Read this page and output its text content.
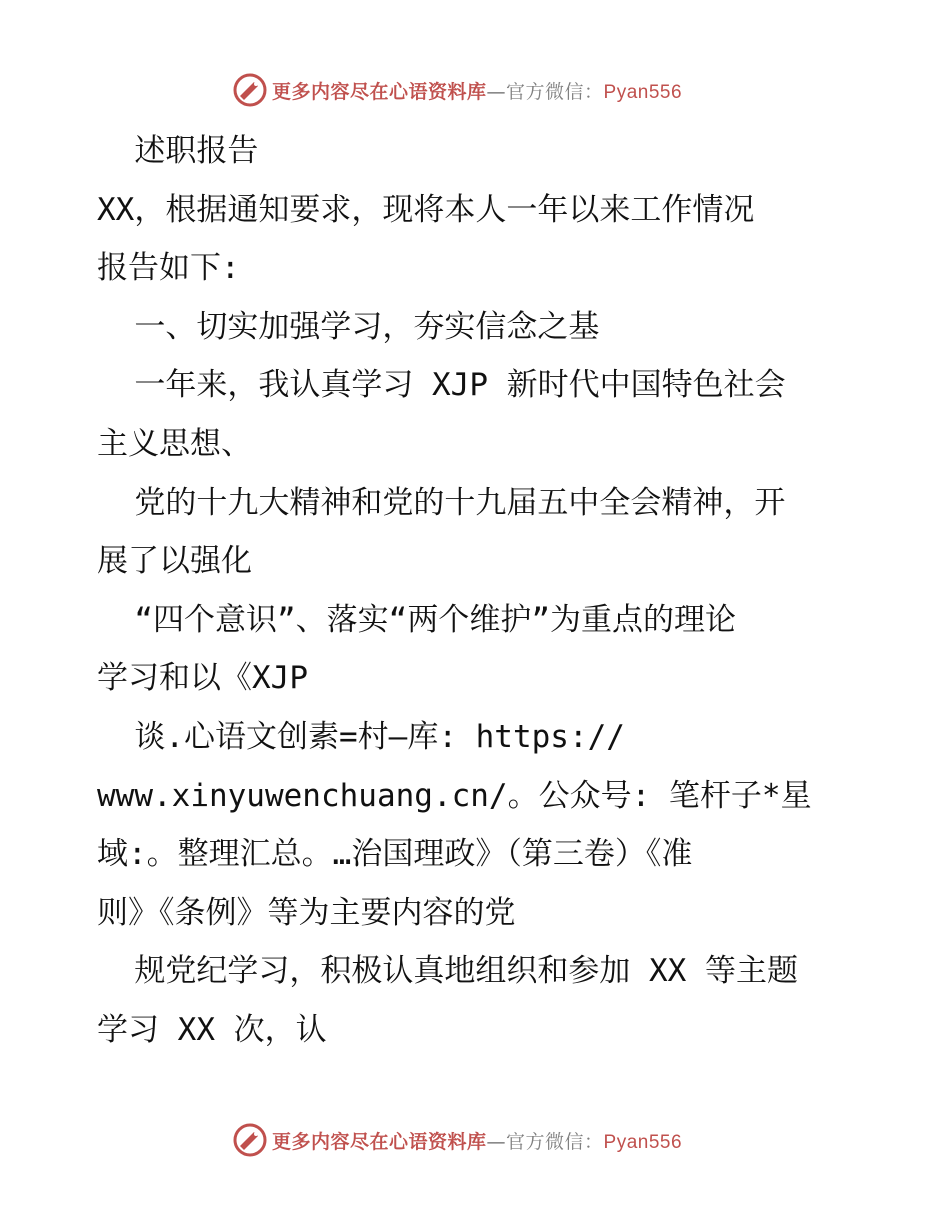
更多内容尽在心语资料库—官方微信：Pyan556
述职报告
XX，根据通知要求，现将本人一年以来工作情况
报告如下:
一、切实加强学习，夯实信念之基
一年来，我认真学习 XJP 新时代中国特色社会
主义思想、
党的十九大精神和党的十九届五中全会精神，开
展了以强化
“四个意识”、落实“两个维护”为重点的理论
学习和以《XJP
谈.心语文创素=村—库: https://
www.xinyuwenchuang.cn/。公众号: 笔杆子*星
域:。整理汇总。…治国理政》（第三卷）《准
则》《条例》等为主要内容的党
规党纪学习，积极认真地组织和参加 XX 等主题
学习 XX 次，认
更多内容尽在心语资料库—官方微信：Pyan556
